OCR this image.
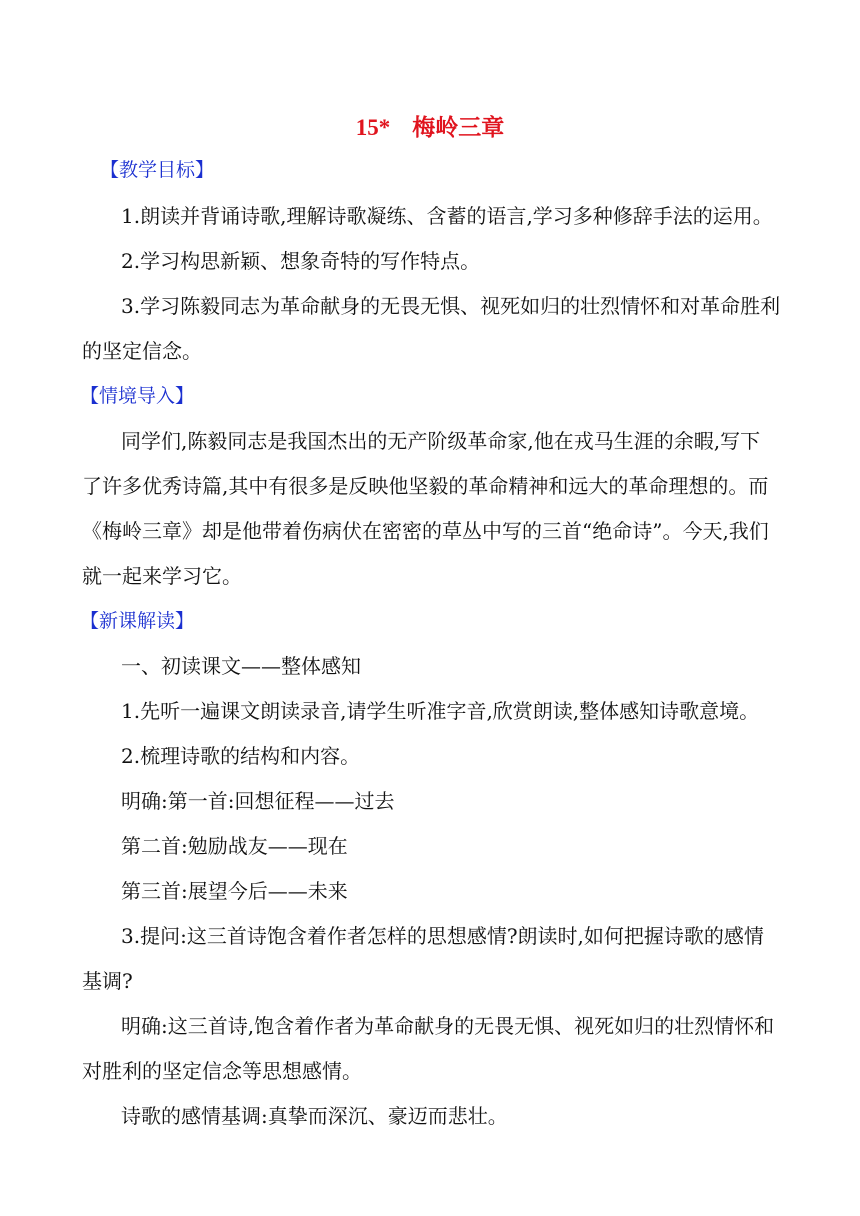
15* 梅岭三章
【教学目标】
1.朗读并背诵诗歌,理解诗歌凝练、含蓄的语言,学习多种修辞手法的运用。
2.学习构思新颖、想象奇特的写作特点。
3.学习陈毅同志为革命献身的无畏无惧、视死如归的壮烈情怀和对革命胜利
的坚定信念。
【情境导入】
同学们,陈毅同志是我国杰出的无产阶级革命家,他在戎马生涯的余暇,写下
了许多优秀诗篇,其中有很多是反映他坚毅的革命精神和远大的革命理想的。而
《梅岭三章》却是他带着伤病伏在密密的草丛中写的三首“绝命诗”。今天,我们
就一起来学习它。
【新课解读】
一、初读课文——整体感知
1.先听一遍课文朗读录音,请学生听准字音,欣赏朗读,整体感知诗歌意境。
2.梳理诗歌的结构和内容。
明确:第一首:回想征程——过去
第二首:勉励战友——现在
第三首:展望今后——未来
3.提问:这三首诗饱含着作者怎样的思想感情?朗读时,如何把握诗歌的感情
基调?
明确:这三首诗,饱含着作者为革命献身的无畏无惧、视死如归的壮烈情怀和
对胜利的坚定信念等思想感情。
诗歌的感情基调:真挚而深沉、豪迈而悲壮。
